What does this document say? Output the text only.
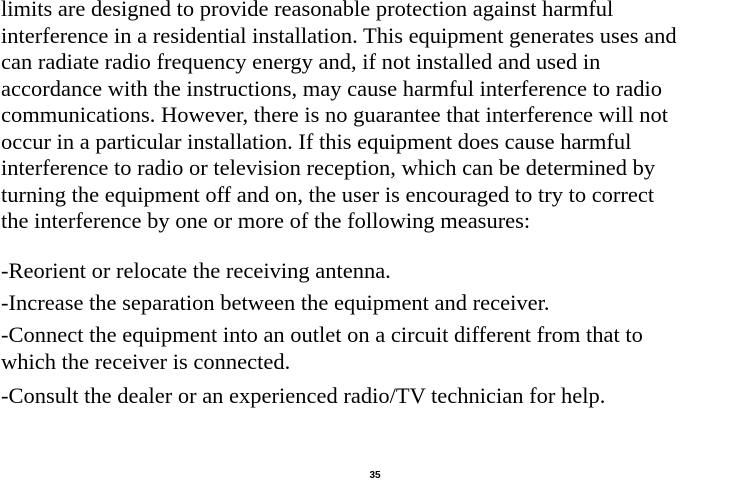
limits are designed to provide reasonable protection against harmful
interference in a residential installation. This equipment generates uses and
can radiate radio frequency energy and, if not installed and used in
accordance with the instructions, may cause harmful interference to radio
communications. However, there is no guarantee that interference will not
occur in a particular installation. If this equipment does cause harmful
interference to radio or television reception, which can be determined by
turning the equipment off and on, the user is encouraged to try to correct
the interference by one or more of the following measures:
-Reorient or relocate the receiving antenna.
-Increase the separation between the equipment and receiver.
-Connect the equipment into an outlet on a circuit different from that to
which the receiver is connected.
-Consult the dealer or an experienced radio/TV technician for help.
35
